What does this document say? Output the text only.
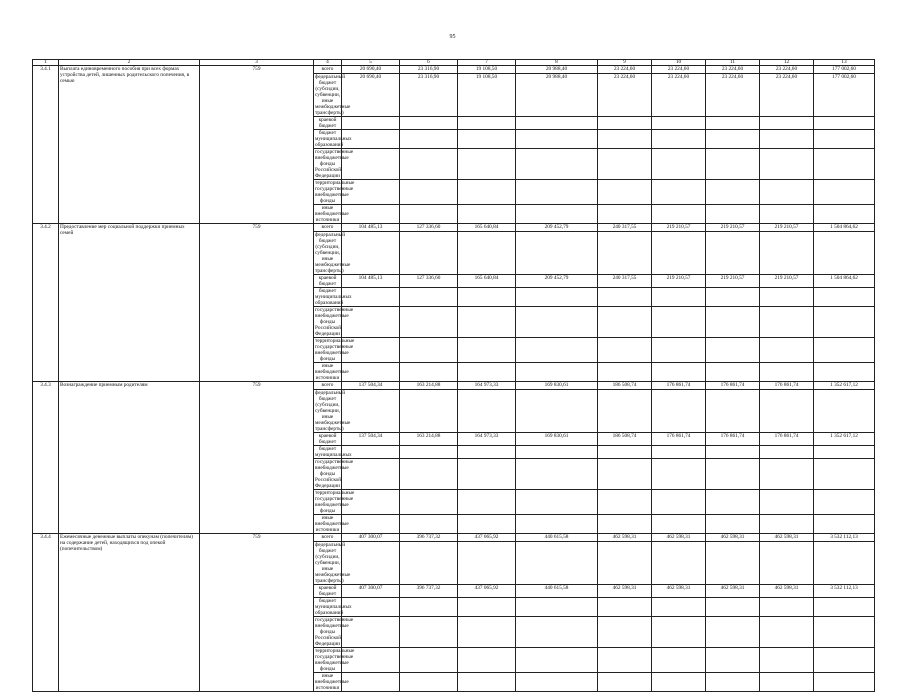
95
1	2	3	4	5	6	7	8	9	10	11	12	13
3.4.1	Выплата единовременного пособия при всех формах устройства детей, лишенных родительского попечения, в семью	759	всего	20 690,40	23 316,90	19 108,50	20 988,40	23 224,60	23 224,60	23 224,60	23 224,60	177 002,60
			федеральный бюджет (субсидии, субвенции, иные межбюджетные трансферты)	20 690,40	23 316,90	19 108,50	20 988,40	23 224,60	23 224,60	23 224,60	23 224,60	177 002,60
			краевой бюджет									
			бюджет муниципальных образований									
			государственные внебюджетные фонды Российской Федерации									
			территориальные государственные внебюджетные фонды									
			иные внебюджетные источники									
3.4.2	Предоставление мер социальной поддержки приемных семей	759	всего	104 485,13	127 336,60	165 640,84	209 452,79	240 317,55	219 210,57	219 210,57	219 210,57	1 504 864,62
			федеральный бюджет (субсидии, субвенции, иные межбюджетные трансферты)									
			краевой бюджет	104 485,13	127 336,60	165 640,84	209 452,79	240 317,55	219 210,57	219 210,57	219 210,57	1 504 864,62
			бюджет муниципальных образований									
			государственные внебюджетные фонды Российской Федерации									
			территориальные государственные внебюджетные фонды									
			иные внебюджетные источники									
3.4.3	Вознаграждение приемным родителям	759	всего	137 504,34	163 214,88	164 973,33	169 830,61	186 508,74	176 861,74	176 861,74	176 861,74	1 352 617,12
			федеральный бюджет (субсидии, субвенции, иные межбюджетные трансферты)									
			краевой бюджет	137 504,34	163 214,88	164 973,33	169 830,61	186 508,74	176 861,74	176 861,74	176 861,74	1 352 617,12
			бюджет муниципальных									
			государственные внебюджетные фонды Российской Федерации									
			территориальные государственные внебюджетные фонды									
			иные внебюджетные источники									
3.4.4	Ежемесячные денежные выплаты опекунам (попечителям) на содержание детей, находящихся под опекой (попечительством)	759	всего	407 300,07	396 737,32	437 065,92	440 615,58	462 598,31	462 598,31	462 598,31	462 598,31	3 532 112,13
			федеральный бюджет (субсидии, субвенции, иные межбюджетные трансферты)									
			краевой бюджет	407 300,07	396 737,32	437 065,92	440 615,58	462 598,31	462 598,31	462 598,31	462 598,31	3 532 112,13
			бюджет муниципальных образований									
			государственные внебюджетные фонды Российской Федерации									
			территориальные государственные внебюджетные фонды									
			иные внебюджетные источники									
